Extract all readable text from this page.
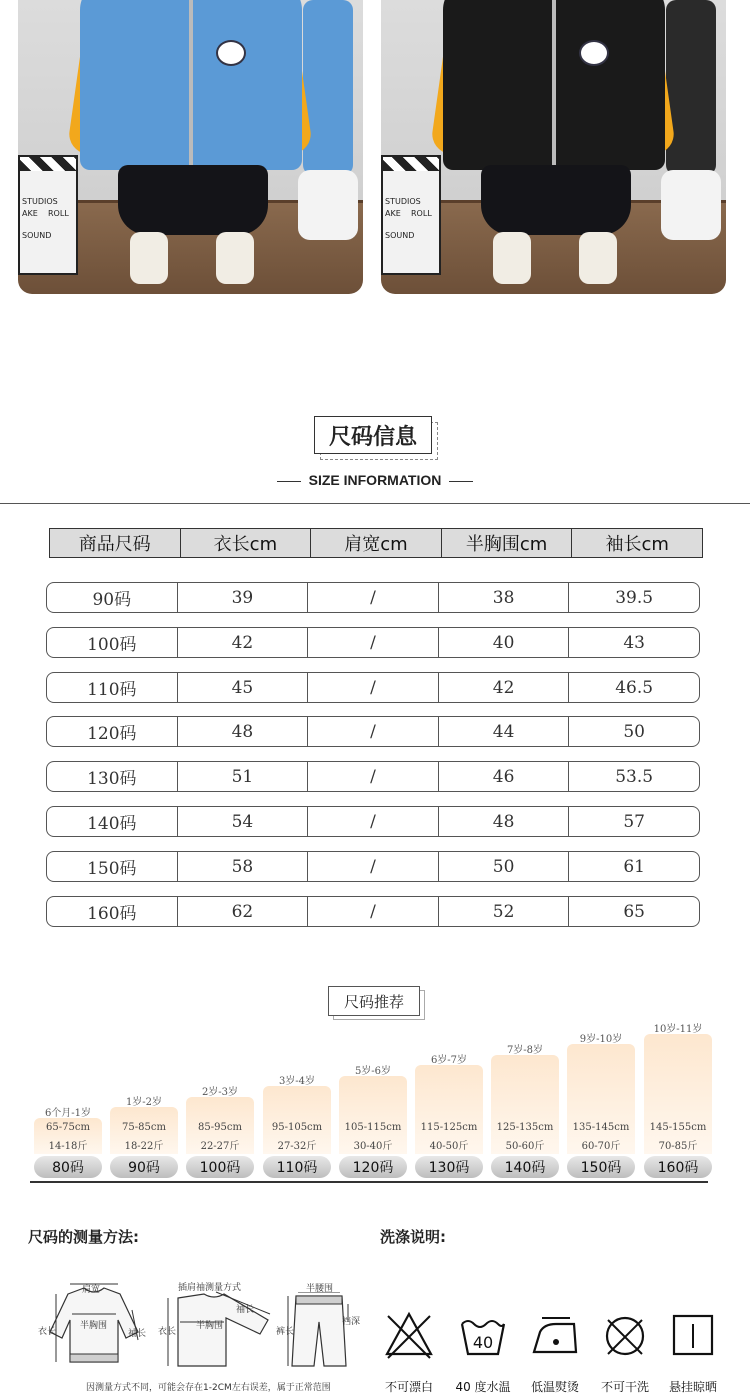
STUDIOS
AKE ROLL
SOUND
STUDIOS
AKE ROLL
SOUND
尺码信息
SIZE INFORMATION
商品尺码	衣长cm	肩宽cm	半胸围cm	袖长cm
90码	39	/	38	39.5
100码	42	/	40	43
110码	45	/	42	46.5
120码	48	/	44	50
130码	51	/	46	53.5
140码	54	/	48	57
150码	58	/	50	61
160码	62	/	52	65
尺码推荐
6个月-1岁
65-75cm
14-18斤
80码
1岁-2岁
75-85cm
18-22斤
90码
2岁-3岁
85-95cm
22-27斤
100码
3岁-4岁
95-105cm
27-32斤
110码
5岁-6岁
105-115cm
30-40斤
120码
6岁-7岁
115-125cm
40-50斤
130码
7岁-8岁
125-135cm
50-60斤
140码
9岁-10岁
135-145cm
60-70斤
150码
10岁-11岁
145-155cm
70-85斤
160码
尺码的测量方法:
肩宽
半胸围
衣长	袖长
插肩袖测量方式
半胸围
衣长
袖长
半腰围
裤长
裆深
因测量方式不同，可能会存在1-2CM左右误差，属于正常范围
洗涤说明:
40
不可漂白	40 度水温	低温熨烫	不可干洗	悬挂晾晒
